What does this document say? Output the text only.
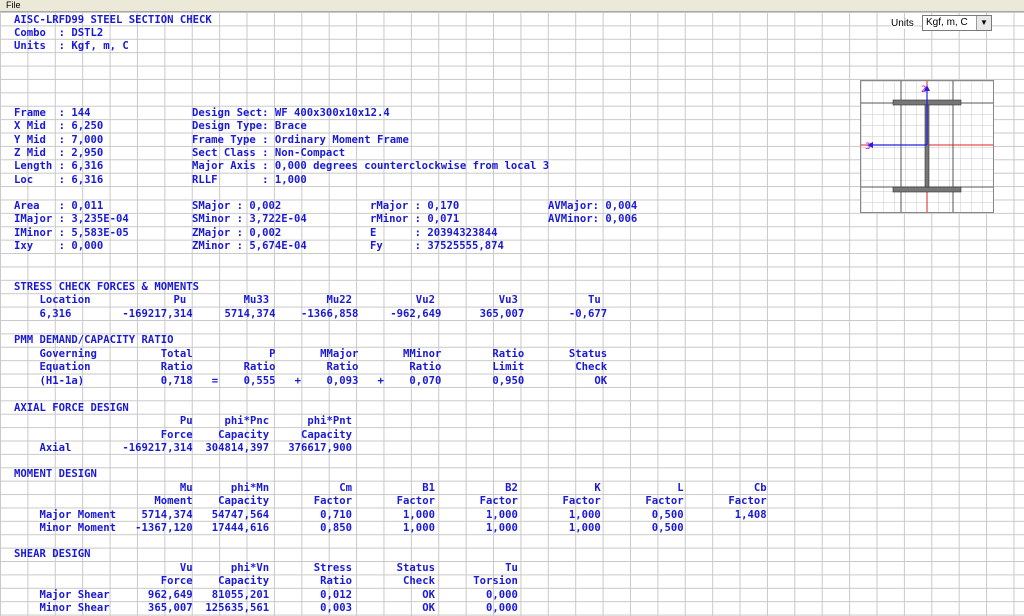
File
AISC-LRFD99 STEEL SECTION CHECK
Combo  : DSTL2
Units  : Kgf, m, C
Units Kgf, m, C	▼
Frame  : 144
X Mid  : 6,250
Y Mid  : 7,000
Z Mid  : 2,950
Length : 6,316
Loc    : 6,316
Design Sect: WF 400x300x10x12.4
Design Type: Brace
Frame Type : Ordinary Moment Frame
Sect Class : Non-Compact
Major Axis : 0,000 degrees counterclockwise from local 3
RLLF       : 1,000
Area   : 0,011
IMajor : 3,235E-04
IMinor : 5,583E-05
Ixy    : 0,000
SMajor : 0,002
SMinor : 3,722E-04
ZMajor : 0,002
ZMinor : 5,674E-04
rMajor : 0,170
rMinor : 0,071
E      : 20394323844
Fy     : 37525555,874
AVMajor: 0,004
AVMinor: 0,006
STRESS CHECK FORCES & MOMENTS
Location             Pu         Mu33         Mu22          Vu2          Vu3           Tu
6,316        -169217,314     5714,374    -1366,858     -962,649      365,007       -0,677
PMM DEMAND/CAPACITY RATIO
Governing          Total            P       MMajor       MMinor        Ratio       Status
Equation           Ratio        Ratio        Ratio        Ratio        Limit        Check
(H1-1a)            0,718   =    0,555   +    0,093   +    0,070        0,950           OK
AXIAL FORCE DESIGN
Pu     phi*Pnc      phi*Pnt
Force    Capacity     Capacity
Axial        -169217,314  304814,397   376617,900
MOMENT DESIGN
Mu      phi*Mn           Cm           B1           B2            K            L           Cb
Moment    Capacity       Factor       Factor       Factor       Factor       Factor       Factor
Major Moment    5714,374   54747,564        0,710        1,000        1,000        1,000        0,500        1,408
Minor Moment   -1367,120   17444,616        0,850        1,000        1,000        1,000        0,500
SHEAR DESIGN
Vu      phi*Vn       Stress       Status           Tu
Force    Capacity        Ratio        Check      Torsion
Major Shear      962,649   81055,201        0,012           OK        0,000
Minor Shear      365,007  125635,561        0,003           OK        0,000
2
3
